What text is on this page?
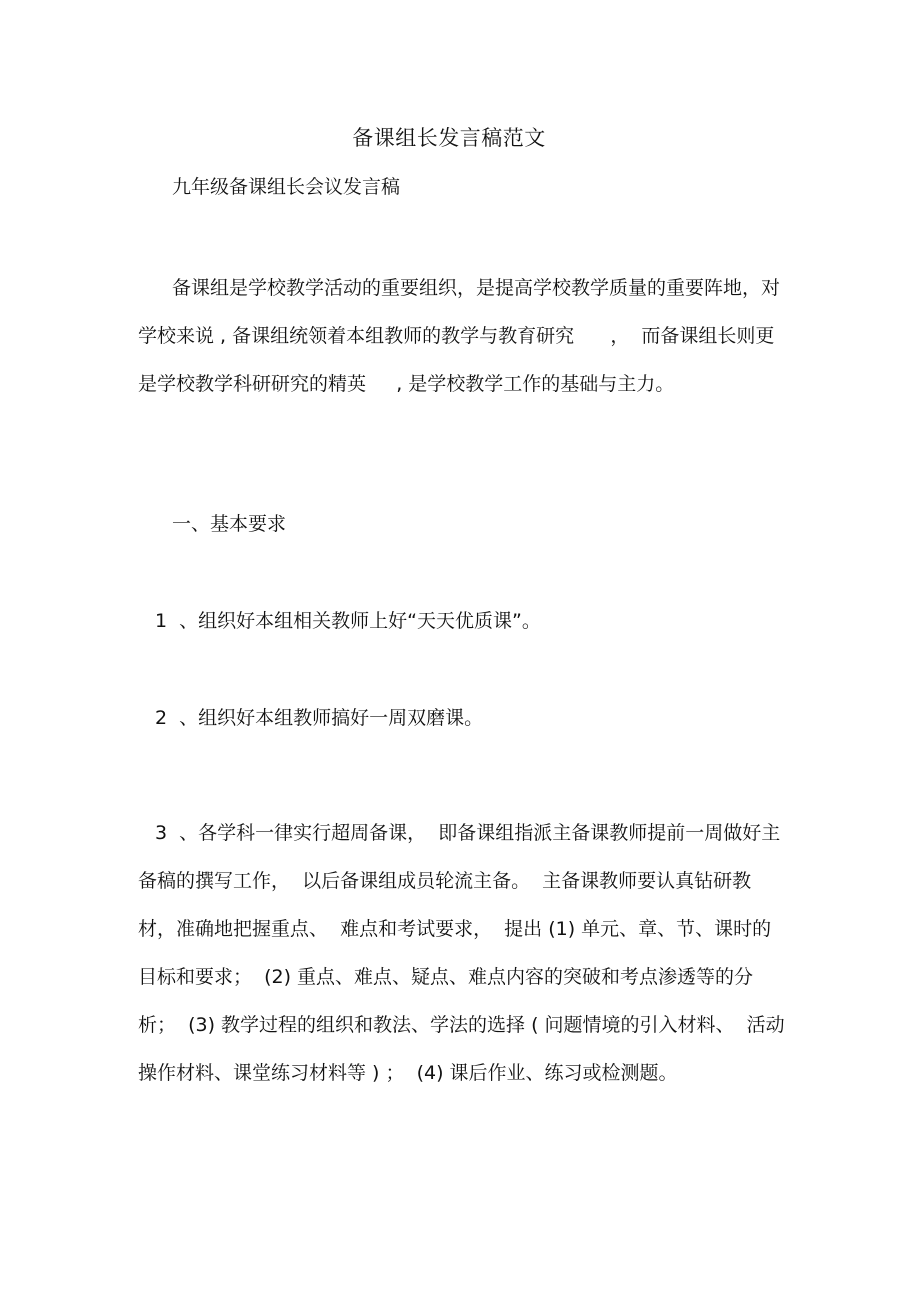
备课组长发言稿范文
九年级备课组长会议发言稿
备课组是学校教学活动的重要组织，是提高学校教学质量的重要阵地，对学校来说 , 备课组统领着本组教师的教学与教育研究      ，  而备课组长则更是学校教学科研研究的精英     , 是学校教学工作的基础与主力。
一、基本要求
1  、组织好本组相关教师上好“天天优质课”。
2  、组织好本组教师搞好一周双磨课。
3  、各学科一律实行超周备课，  即备课组指派主备课教师提前一周做好主备稿的撰写工作，  以后备课组成员轮流主备。  主备课教师要认真钻研教材，准确地把握重点、  难点和考试要求，  提出 (1) 单元、章、节、课时的目标和要求；  (2) 重点、难点、疑点、难点内容的突破和考点渗透等的分析；  (3) 教学过程的组织和教法、学法的选择 ( 问题情境的引入材料、  活动操作材料、课堂练习材料等 ) ；  (4) 课后作业、练习或检测题。
